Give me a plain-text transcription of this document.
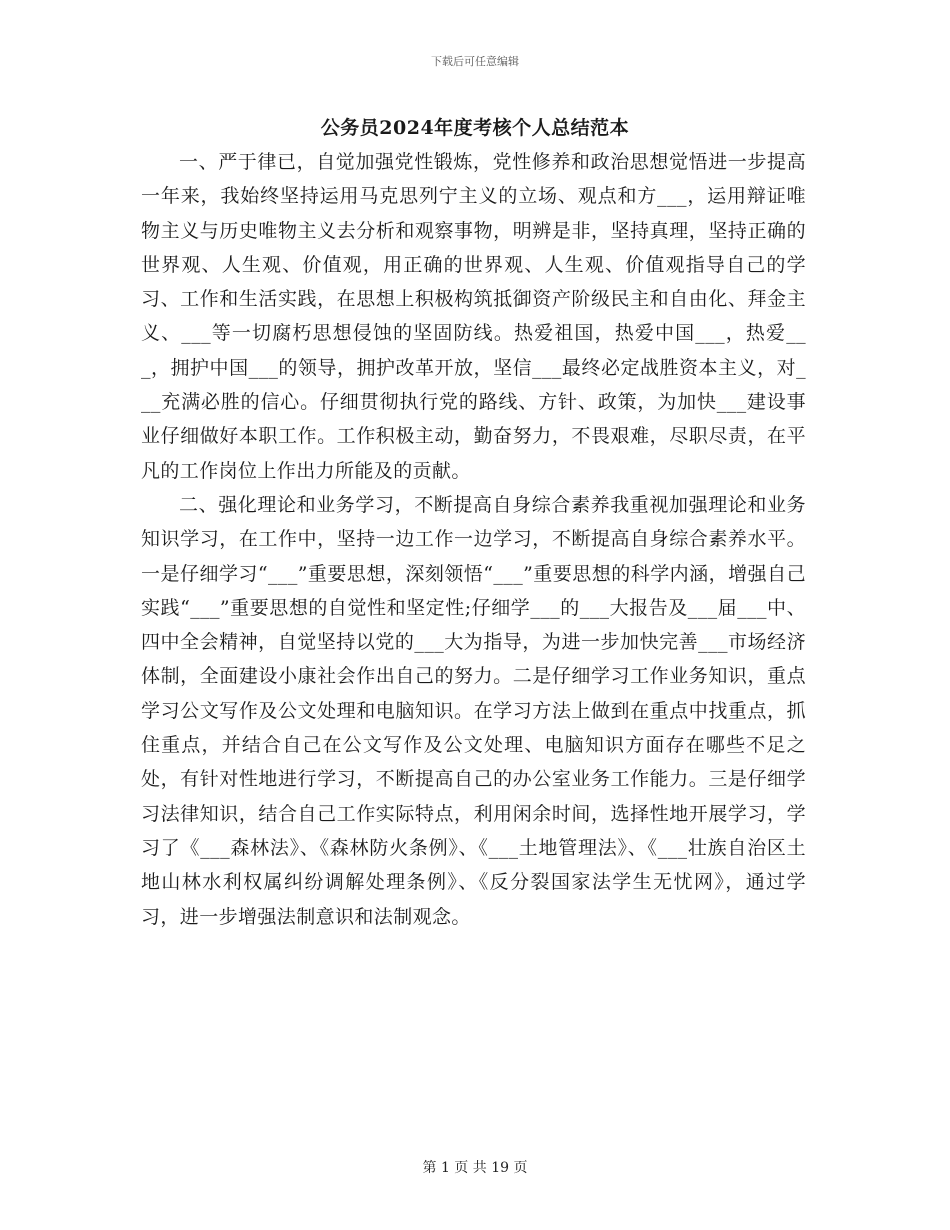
下载后可任意编辑
公务员2024年度考核个人总结范本

一、严于律已，自觉加强党性锻炼，党性修养和政治思想觉悟进一步提高一年来，我始终坚持运用马克思列宁主义的立场、观点和方___，运用辩证唯物主义与历史唯物主义去分析和观察事物，明辨是非，坚持真理，坚持正确的世界观、人生观、价值观，用正确的世界观、人生观、价值观指导自己的学习、工作和生活实践，在思想上积极构筑抵御资产阶级民主和自由化、拜金主义、___等一切腐朽思想侵蚀的坚固防线。热爱祖国，热爱中国___，热爱___，拥护中国___的领导，拥护改革开放，坚信___最终必定战胜资本主义，对___充满必胜的信心。仔细贯彻执行党的路线、方针、政策，为加快___建设事业仔细做好本职工作。工作积极主动，勤奋努力，不畏艰难，尽职尽责，在平凡的工作岗位上作出力所能及的贡献。

二、强化理论和业务学习，不断提高自身综合素养我重视加强理论和业务知识学习，在工作中，坚持一边工作一边学习，不断提高自身综合素养水平。一是仔细学习“___”重要思想，深刻领悟“___”重要思想的科学内涵，增强自己实践“___”重要思想的自觉性和坚定性;仔细学___的___大报告及___届___中、四中全会精神，自觉坚持以党的___大为指导，为进一步加快完善___市场经济体制，全面建设小康社会作出自己的努力。二是仔细学习工作业务知识，重点学习公文写作及公文处理和电脑知识。在学习方法上做到在重点中找重点，抓住重点，并结合自己在公文写作及公文处理、电脑知识方面存在哪些不足之处，有针对性地进行学习，不断提高自己的办公室业务工作能力。三是仔细学习法律知识，结合自己工作实际特点，利用闲余时间，选择性地开展学习，学习了《___森林法》、《森林防火条例》、《___土地管理法》、《___壮族自治区土地山林水利权属纠纷调解处理条例》、《反分裂国家法学生无忧网》，通过学习，进一步增强法制意识和法制观念。

第 1 页 共 19 页
